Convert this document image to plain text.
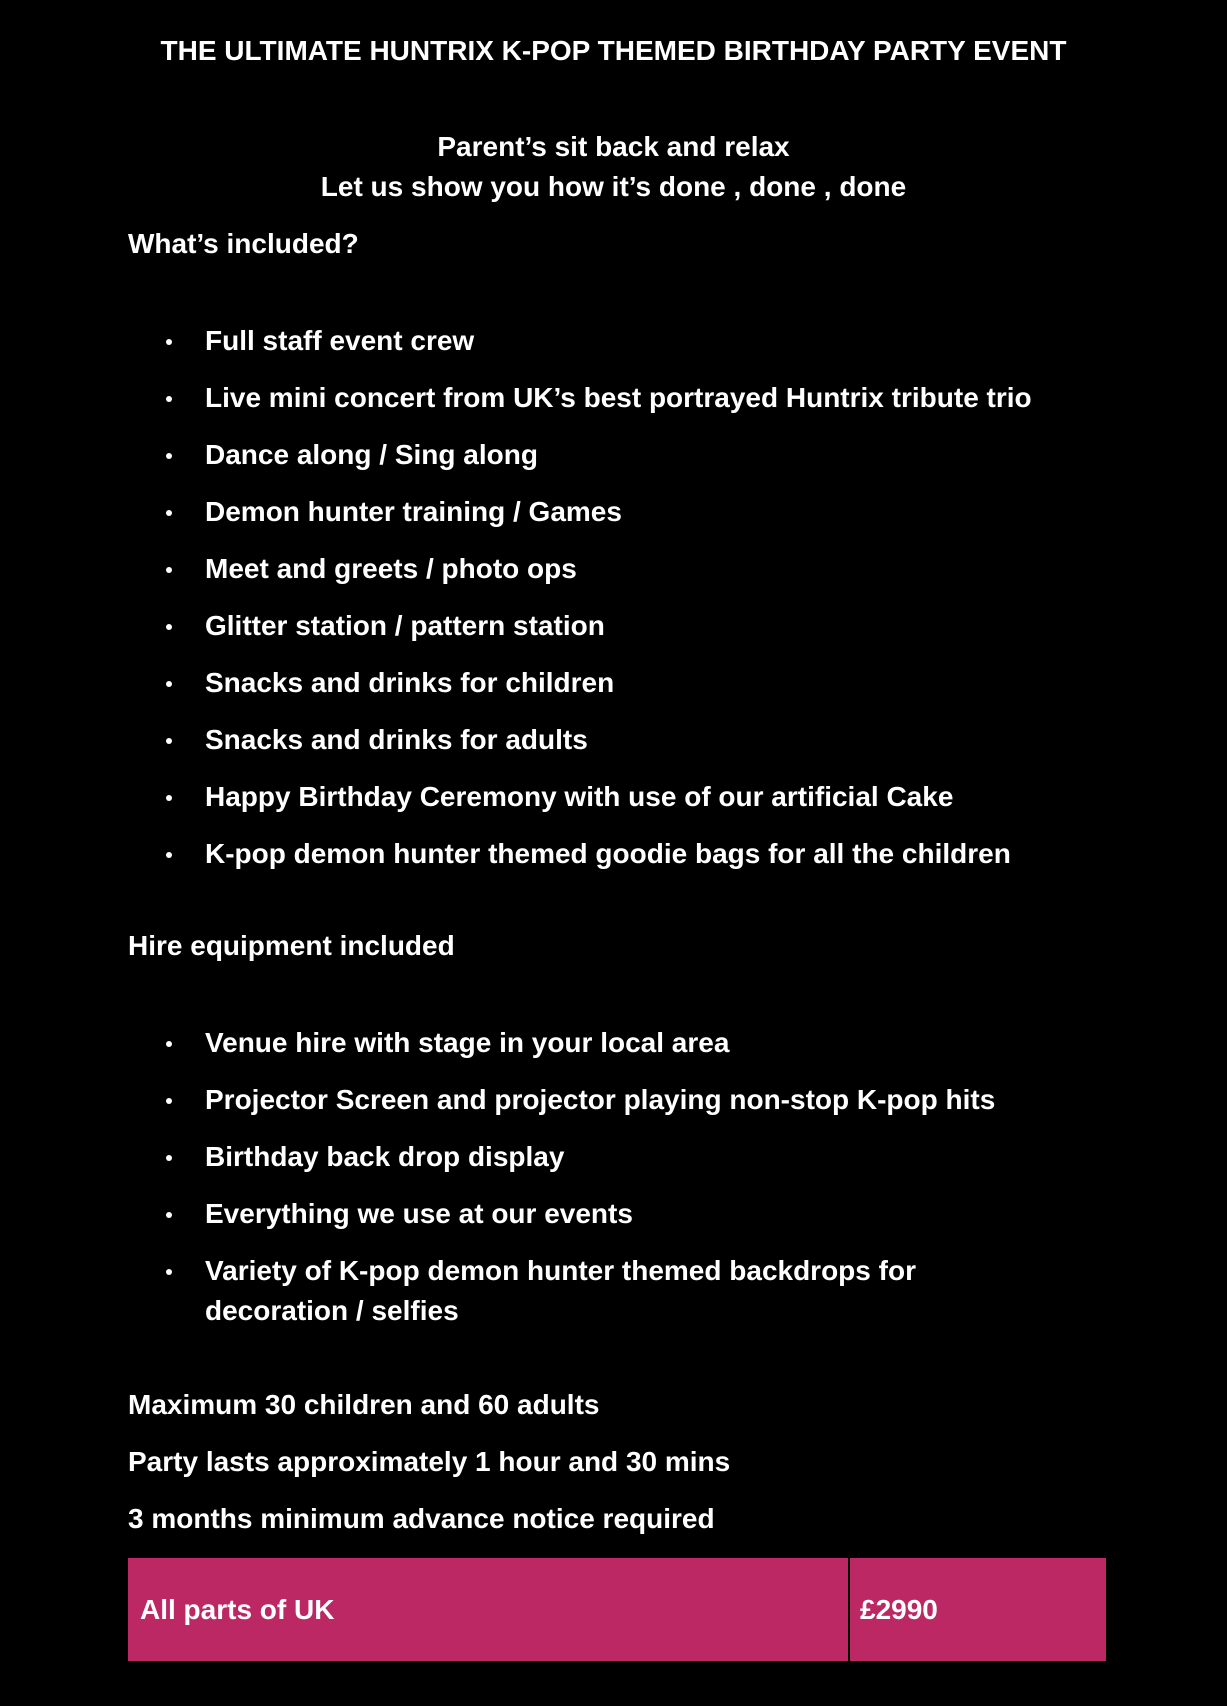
THE ULTIMATE HUNTRIX K-POP THEMED BIRTHDAY PARTY EVENT

Parent’s sit back and relax

Let us show you how it’s done , done , done

What’s included?
Full staff event crew
Live mini concert from UK’s best portrayed Huntrix tribute trio
Dance along / Sing along
Demon hunter training / Games
Meet and greets / photo ops
Glitter station / pattern station
Snacks and drinks for children
Snacks and drinks for adults
Happy Birthday Ceremony with use of our artificial Cake
K-pop demon hunter themed goodie bags for all the children
Hire equipment included
Venue hire with stage in your local area
Projector Screen and projector playing non-stop K-pop hits
Birthday back drop display
Everything we use at our events
Variety of K-pop demon hunter themed backdrops for decoration / selfies

Maximum 30 children and 60 adults

Party lasts approximately 1 hour and 30 mins

3 months minimum advance notice required

All parts of UK	£2990
